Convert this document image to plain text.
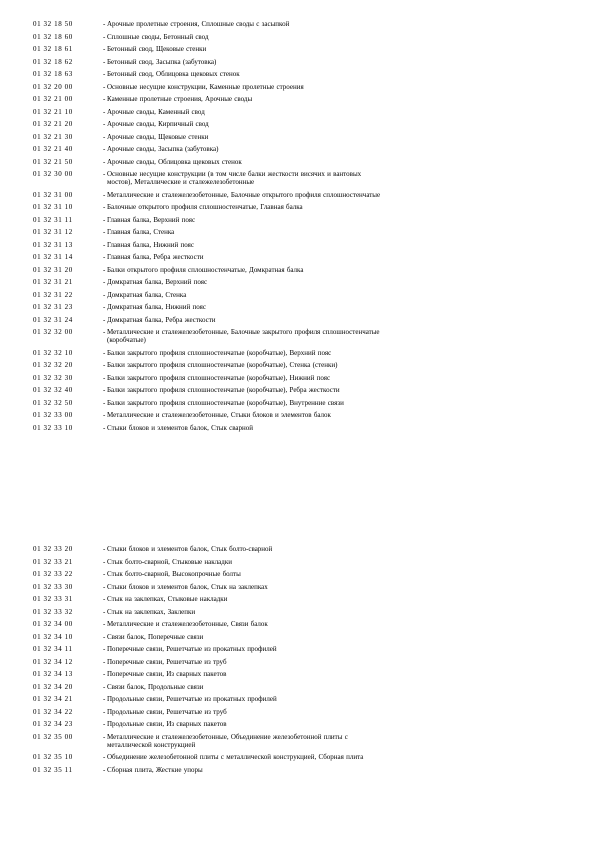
01 32 18 50	- Арочные пролетные строения, Сплошные своды с засыпкой
01 32 18 60	- Сплошные своды, Бетонный свод
01 32 18 61	- Бетонный свод, Щековые стенки
01 32 18 62	- Бетонный свод, Засыпка (забутовка)
01 32 18 63	- Бетонный свод, Облицовка щековых стенок
01 32 20 00	- Основные несущие конструкции, Каменные пролетные строения
01 32 21 00	- Каменные пролетные строения, Арочные своды
01 32 21 10	- Арочные своды, Каменный свод
01 32 21 20	- Арочные своды, Кирпичный свод
01 32 21 30	- Арочные своды, Щековые стенки
01 32 21 40	- Арочные своды, Засыпка (забутовка)
01 32 21 50	- Арочные своды, Облицовка щековых стенок
01 32 30 00	- Основные несущие конструкции (в том числе балки жесткости висячих и вантовых мостов), Металлические и сталежелезобетонные
01 32 31 00	- Металлические и сталежелезобетонные, Балочные открытого профиля сплошностенчатые
01 32 31 10	- Балочные открытого профиля сплошностенчатые, Главная балка
01 32 31 11	- Главная балка, Верхний пояс
01 32 31 12	- Главная балка, Стенка
01 32 31 13	- Главная балка, Нижний пояс
01 32 31 14	- Главная балка, Ребра жесткости
01 32 31 20	- Балки открытого профиля сплошностенчатые, Домкратная балка
01 32 31 21	- Домкратная балка, Верхний пояс
01 32 31 22	- Домкратная балка, Стенка
01 32 31 23	- Домкратная балка, Нижний пояс
01 32 31 24	- Домкратная балка, Ребра жесткости
01 32 32 00	- Металлические и сталежелезобетонные, Балочные закрытого профиля сплошностенчатые (коробчатые)
01 32 32 10	- Балки закрытого профиля сплошностенчатые (коробчатые), Верхний пояс
01 32 32 20	- Балки закрытого профиля сплошностенчатые (коробчатые), Стенка (стенки)
01 32 32 30	- Балки закрытого профиля сплошностенчатые (коробчатые), Нижний пояс
01 32 32 40	- Балки закрытого профиля сплошностенчатые (коробчатые), Ребра жесткости
01 32 32 50	- Балки закрытого профиля сплошностенчатые (коробчатые), Внутренние связи
01 32 33 00	- Металлические и сталежелезобетонные, Стыки блоков и элементов балок
01 32 33 10	- Стыки блоков и элементов балок, Стык сварной
01 32 33 20	- Стыки блоков и элементов балок, Стык болто-сварной
01 32 33 21	- Стык болто-сварной, Стыковые накладки
01 32 33 22	- Стык болто-сварной, Высокопрочные болты
01 32 33 30	- Стыки блоков и элементов балок, Стык на заклепках
01 32 33 31	- Стык на заклепках, Стыковые накладки
01 32 33 32	- Стык на заклепках, Заклепки
01 32 34 00	- Металлические и сталежелезобетонные, Связи балок
01 32 34 10	- Связи балок, Поперечные связи
01 32 34 11	- Поперечные связи, Решетчатые из прокатных профилей
01 32 34 12	- Поперечные связи, Решетчатые из труб
01 32 34 13	- Поперечные связи, Из сварных пакетов
01 32 34 20	- Связи балок, Продольные связи
01 32 34 21	- Продольные связи, Решетчатые из прокатных профилей
01 32 34 22	- Продольные связи, Решетчатые из труб
01 32 34 23	- Продольные связи, Из сварных пакетов
01 32 35 00	- Металлические и сталежелезобетонные, Объединение железобетонной плиты с металлической конструкцией
01 32 35 10	- Объединение железобетонной плиты с металлической конструкцией, Сборная плита
01 32 35 11	- Сборная плита, Жесткие упоры
